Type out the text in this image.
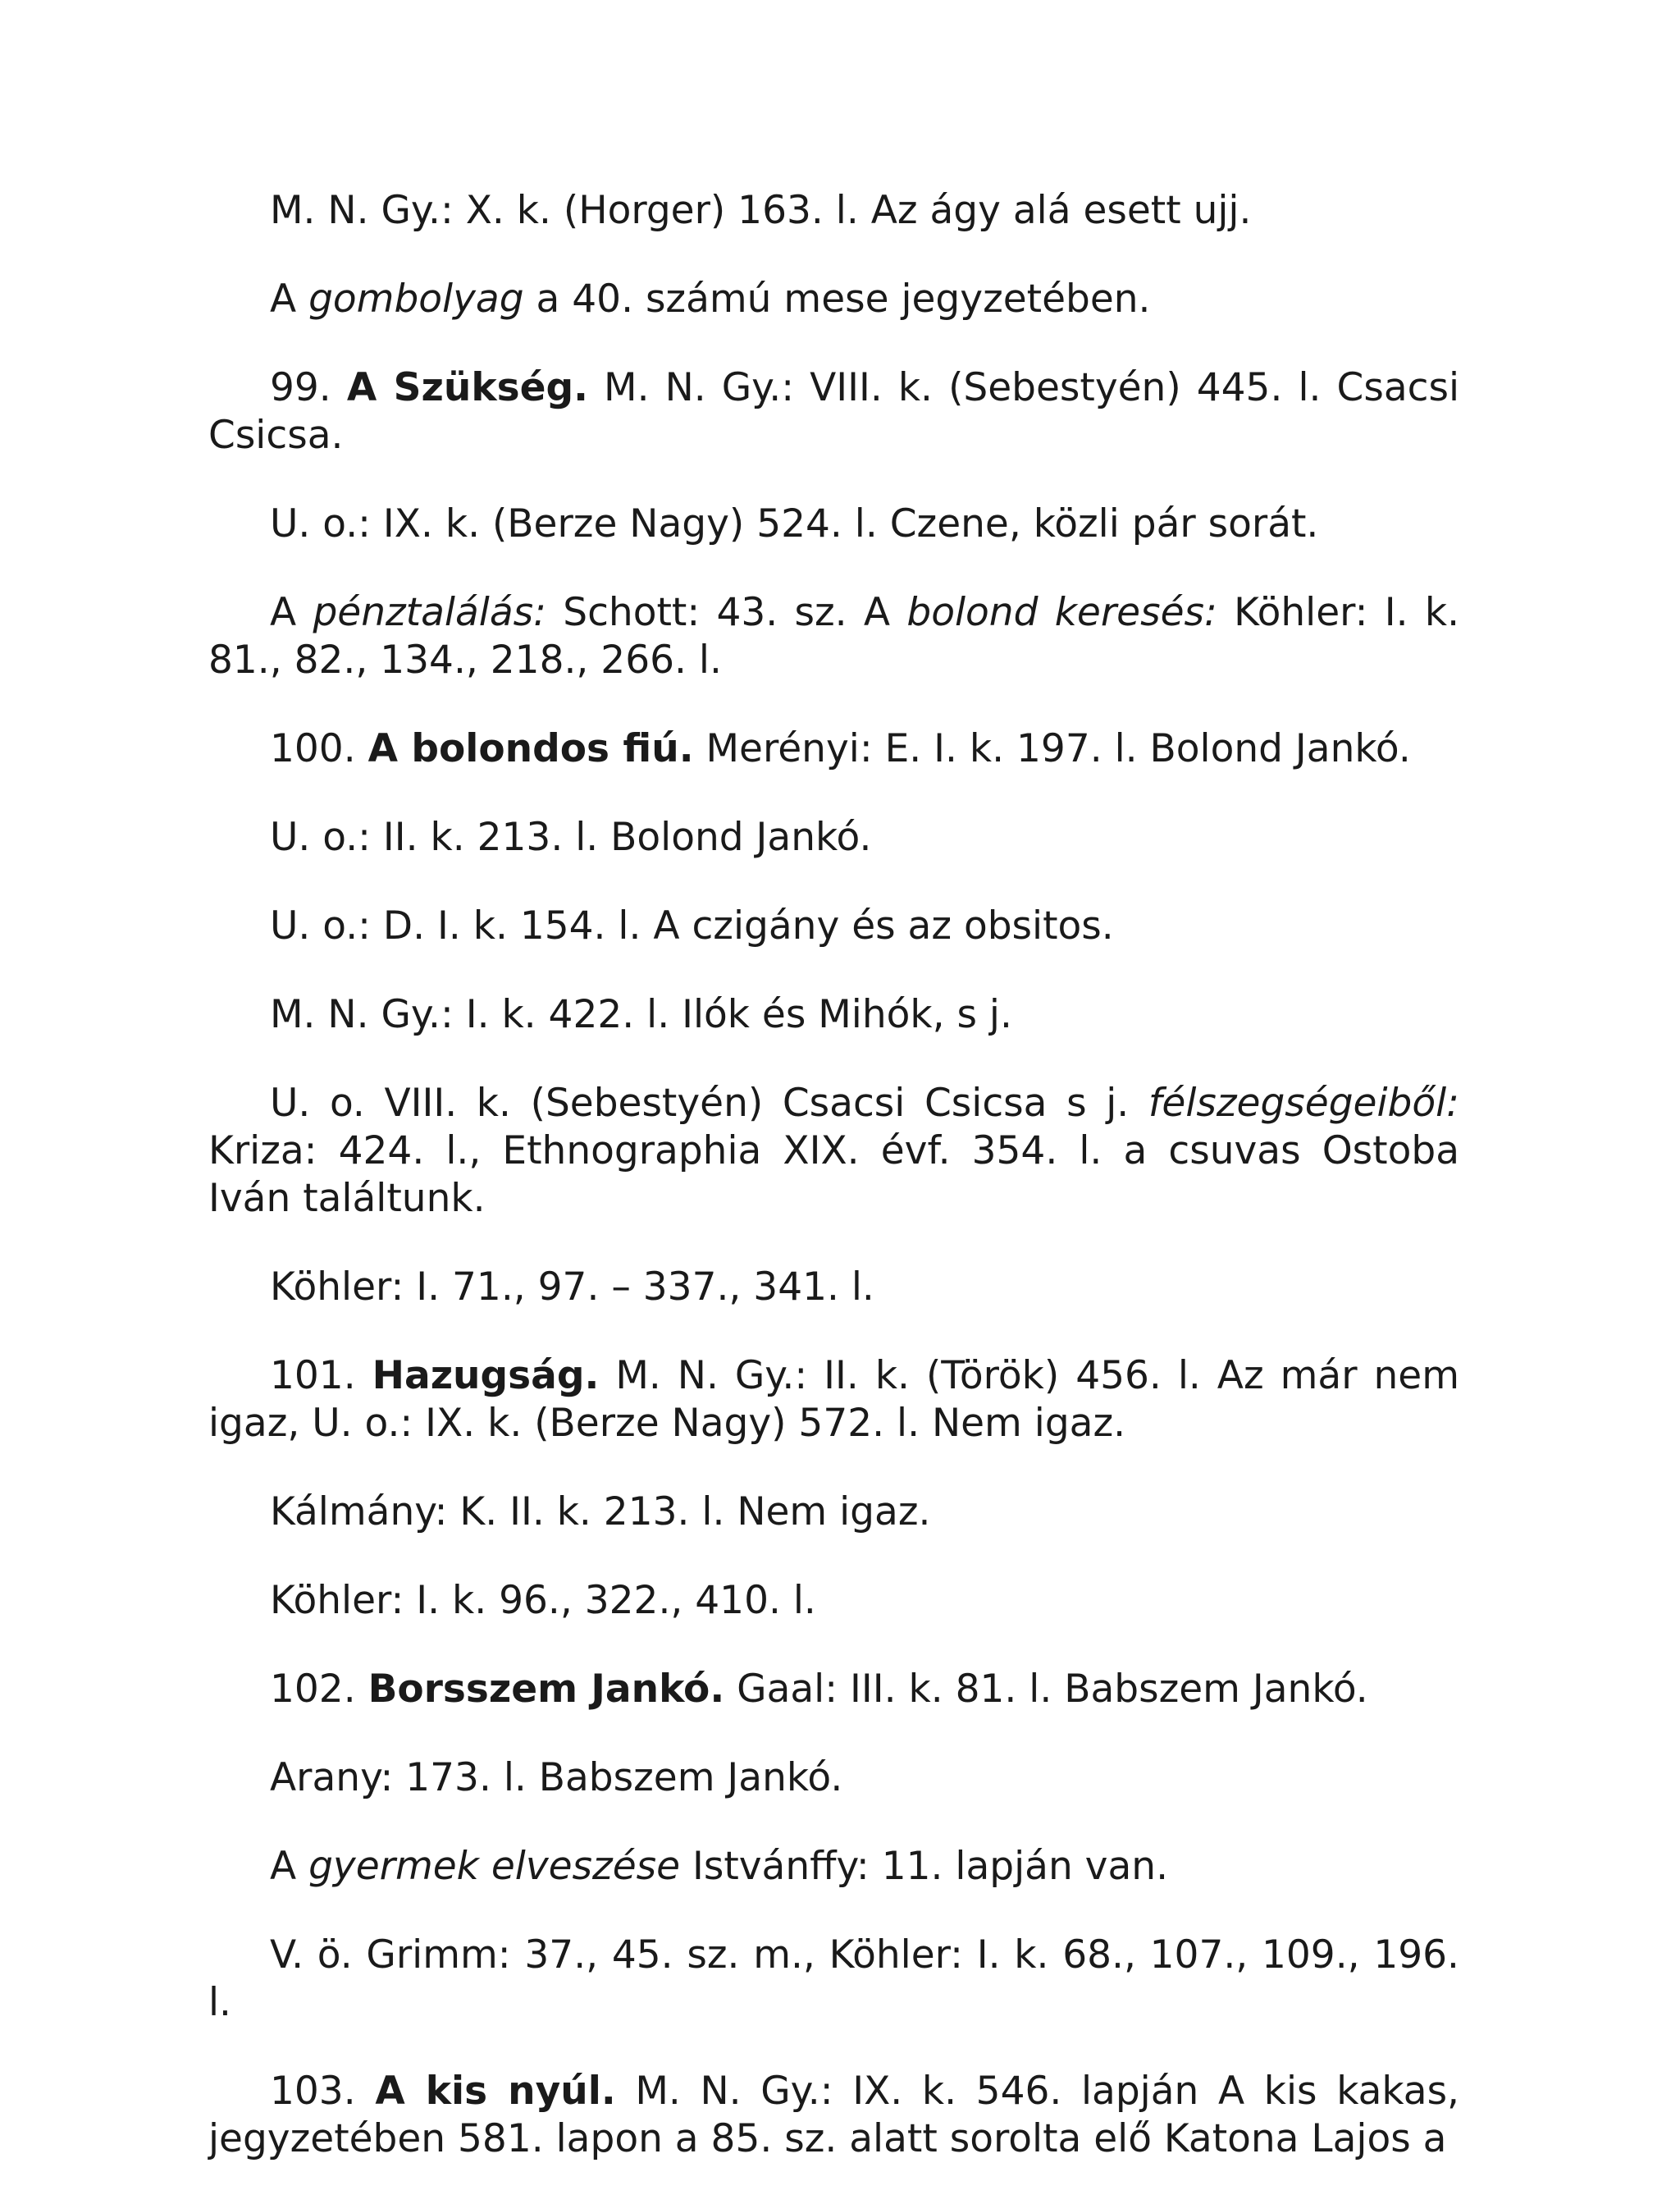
M. N. Gy.: X. k. (Horger) 163. l. Az ágy alá esett ujj.

A gombolyag a 40. számú mese jegyzetében.

99. A Szükség. M. N. Gy.: VIII. k. (Sebestyén) 445. l. Csacsi Csicsa.

U. o.: IX. k. (Berze Nagy) 524. l. Czene, közli pár sorát.

A pénztalálás: Schott: 43. sz. A bolond keresés: Köhler: I. k. 81., 82., 134., 218., 266. l.

100. A bolondos fiú. Merényi: E. I. k. 197. l. Bolond Jankó.

U. o.: II. k. 213. l. Bolond Jankó.

U. o.: D. I. k. 154. l. A czigány és az obsitos.

M. N. Gy.: I. k. 422. l. Ilók és Mihók, s j.

U. o. VIII. k. (Sebestyén) Csacsi Csicsa s j. félszegségeiből: Kriza: 424. l., Ethnographia XIX. évf. 354. l. a csuvas Ostoba Iván találtunk.

Köhler: I. 71., 97. – 337., 341. l.

101. Hazugság. M. N. Gy.: II. k. (Török) 456. l. Az már nem igaz, U. o.: IX. k. (Berze Nagy) 572. l. Nem igaz.

Kálmány: K. II. k. 213. l. Nem igaz.

Köhler: I. k. 96., 322., 410. l.

102. Borsszem Jankó. Gaal: III. k. 81. l. Babszem Jankó.

Arany: 173. l. Babszem Jankó.

A gyermek elveszése Istvánffy: 11. lapján van.

V. ö. Grimm: 37., 45. sz. m., Köhler: I. k. 68., 107., 109., 196. l.

103. A kis nyúl. M. N. Gy.: IX. k. 546. lapján A kis kakas, jegyzetében 581. lapon a 85. sz. alatt sorolta elő Katona Lajos a
